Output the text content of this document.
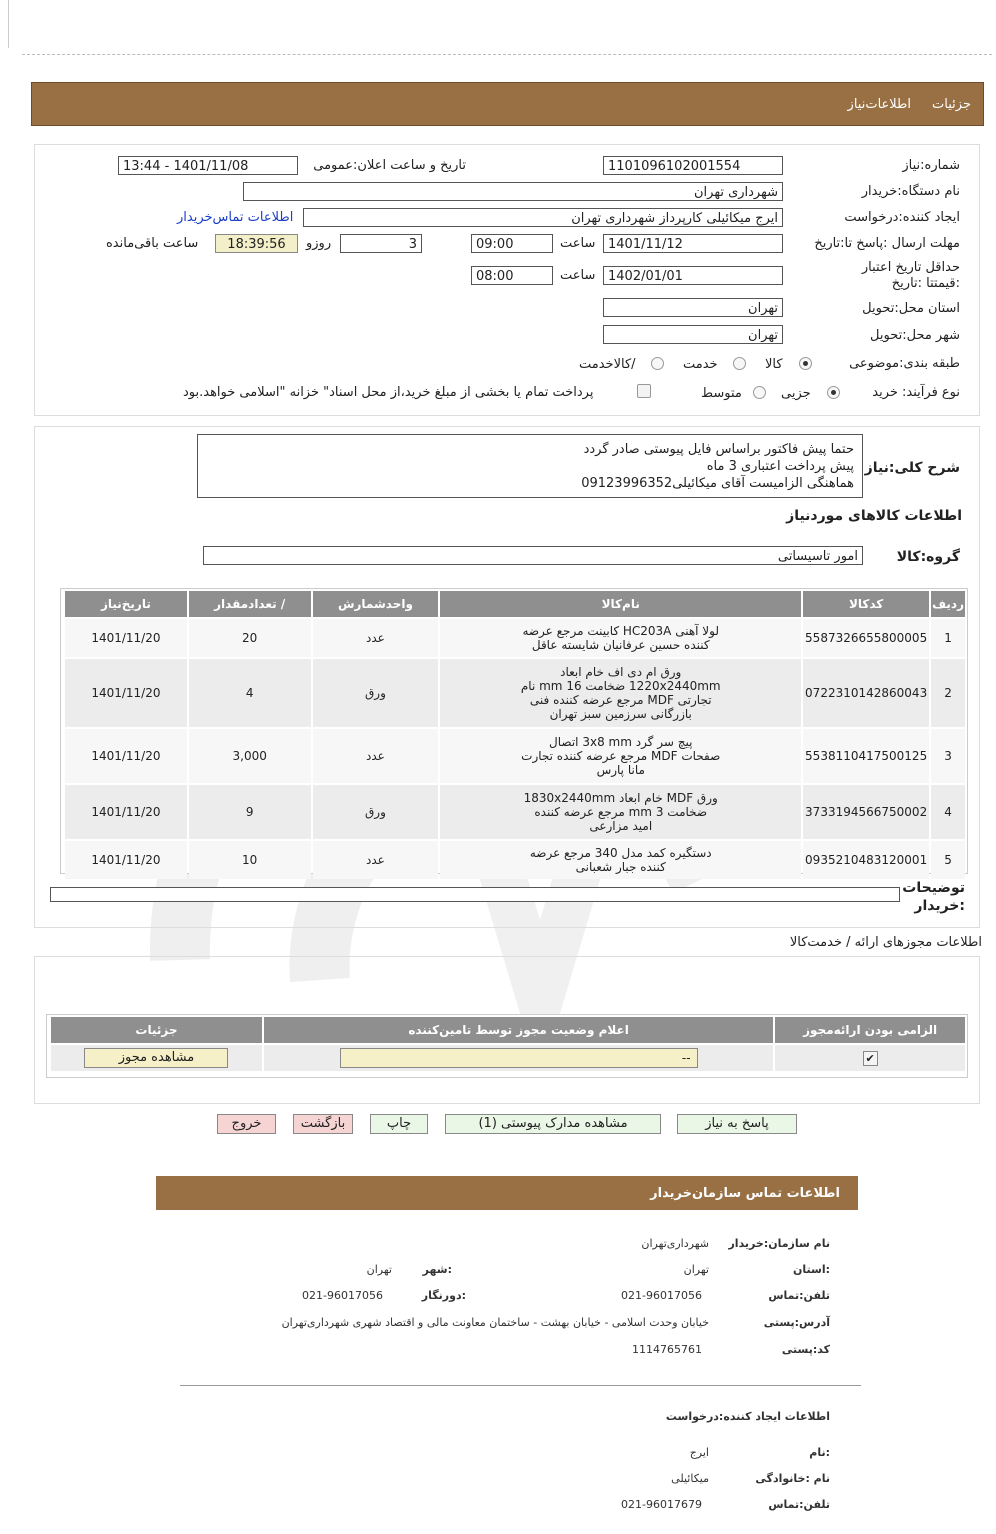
جزئیات
اطلاعات‌نیاز
شماره:نیاز
1101096102001554
تاریخ و ساعت اعلان:عمومی
1401/11/08 - 13:44
نام دستگاه:خریدار
شهرداری تهران
ایجاد کننده:درخواست
ایرج میکائیلی کارپرداز شهرداری تهران
اطلاعات تماس‌خریدار
مهلت ارسال :پاسخ تا:تاریخ
1401/11/12
ساعت
09:00
3
روزو
18:39:56
ساعت باقی‌مانده
حداقل تاریخ اعتبار :قیمتتا :تاریخ
1402/01/01
ساعت
08:00
استان محل:تحویل
تهران
شهر محل:تحویل
تهران
طبقه بندی:موضوعی
کالا
خدمت
/کالاخدمت
نوع فرآیند: خرید
جزیی
متوسط
پرداخت تمام یا بخشی از مبلغ خرید،از محل اسناد" خزانه "اسلامی خواهد.بود
شرح کلی:نیاز
حتما پیش فاکتور براساس فایل پیوستی صادر گردد
پیش پرداخت اعتباری 3 ماه
هماهنگی الزامیست آقای میکائیلی09123996352
اطلاعات کالاهای مورد‌نیاز
گروه:کالا
امور تاسیساتی
ردیف	کدکالا	نام‌کالا	واحدشمارش	/ تعدادمقدار	تاریخ‌نیاز
1	5587326655800005	لولا آهنی HC203A کابینت مرجع عرضه
کننده حسین عرفانیان شایسته عاقل	عدد	20	1401/11/20
2	0722310142860043	ورق ام دی اف خام ابعاد
1220x2440mm ضخامت 16 mm نام
تجارتی MDF مرجع عرضه کننده فنی
بازرگانی سرزمین سبز تهران	ورق	4	1401/11/20
3	5538110417500125	پیچ سر گرد 3x8 mm اتصال
صفحات MDF مرجع عرضه کننده تجارت
مانا پارس	عدد	3,000	1401/11/20
4	3733194566750002	ورق MDF خام ابعاد 1830x2440mm
ضخامت 3 mm مرجع عرضه کننده
امید مزارعی	ورق	9	1401/11/20
5	0935210483120001	دستگیره کمد مدل 340 مرجع عرضه
کننده جبار شعبانی	عدد	10	1401/11/20
توضیحات
:خریدار
اطلاعات مجوزهای ارائه / خدمت‌کالا
الزامی بودن ارائه‌مجوز	اعلام وضعیت مجوز توسط تامین‌کننده	جزئیات
✔	--	مشاهده مجوز
پاسخ به نیاز
مشاهده مدارک پیوستی (1)
چاپ
بازگشت
خروج
اطلاعات تماس سازمان‌خریدار
نام سازمان:خریدار
شهرداری‌تهران
:استان
تهران
:شهر
تهران
تلفن:تماس
021-96017056
:دورنگار
021-96017056
آدرس:پستی
خیابان وحدت اسلامی - خیابان بهشت - ساختمان معاونت مالی و اقتصاد شهری شهرداری‌تهران
کد:پستی
1114765761
اطلاعات ایجاد کننده:درخواست
:نام
ایرج
نام :خانوادگی
میکائیلی
تلفن:تماس
021-96017679
